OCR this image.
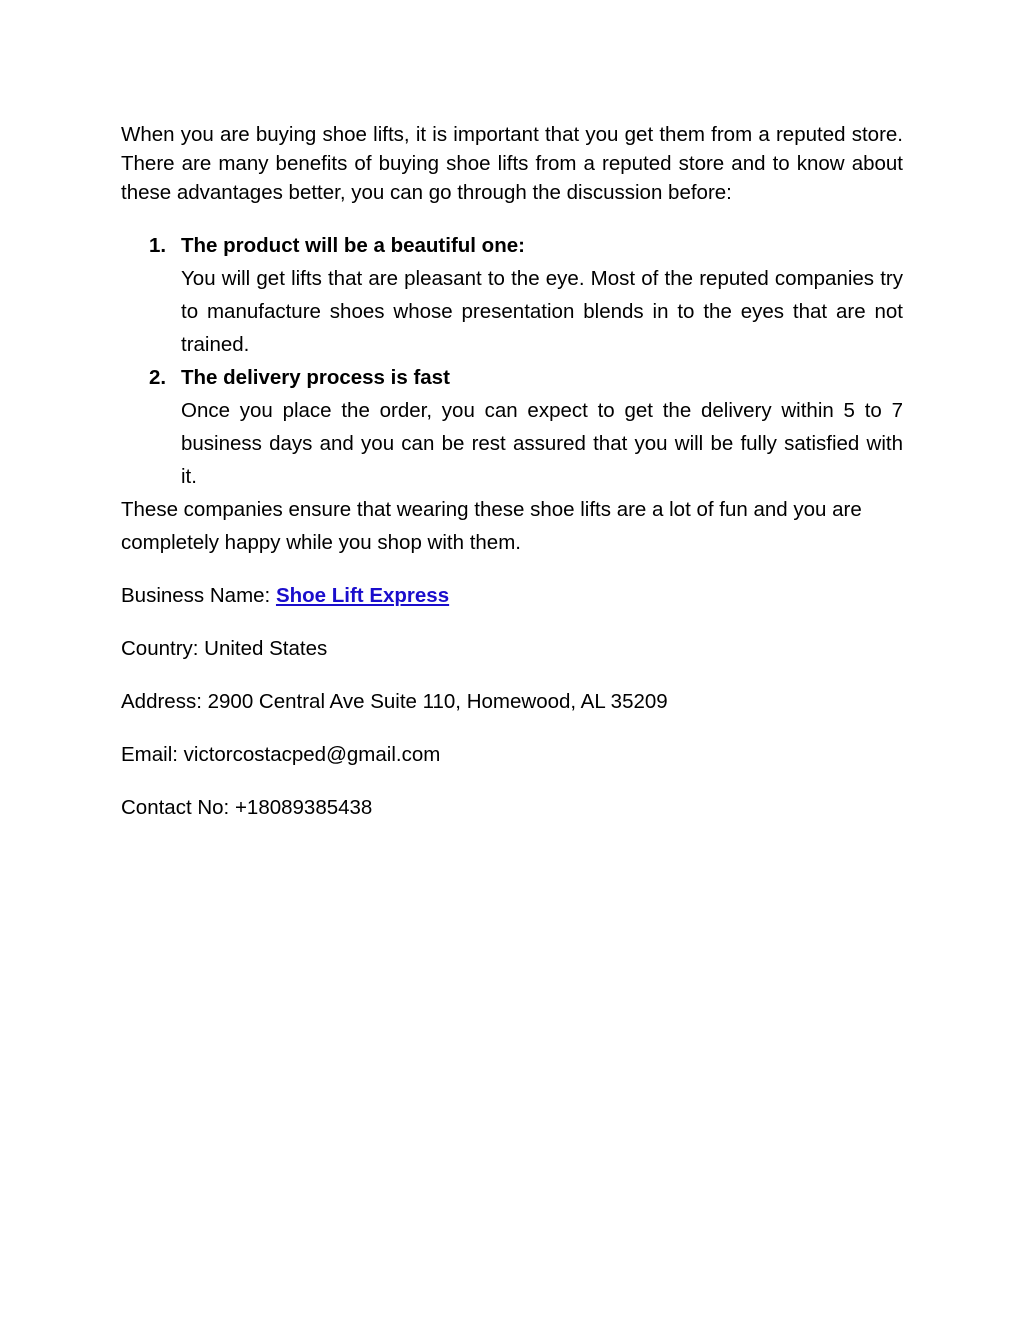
When you are buying shoe lifts, it is important that you get them from a reputed store. There are many benefits of buying shoe lifts from a reputed store and to know about these advantages better, you can go through the discussion before:

1. The product will be a beautiful one:
You will get lifts that are pleasant to the eye. Most of the reputed companies try to manufacture shoes whose presentation blends in to the eyes that are not trained.
2. The delivery process is fast
Once you place the order, you can expect to get the delivery within 5 to 7 business days and you can be rest assured that you will be fully satisfied with it.

These companies ensure that wearing these shoe lifts are a lot of fun and you are completely happy while you shop with them.

Business Name: Shoe Lift Express

Country: United States

Address: 2900 Central Ave Suite 110, Homewood, AL 35209

Email: victorcostacped@gmail.com

Contact No: +18089385438
